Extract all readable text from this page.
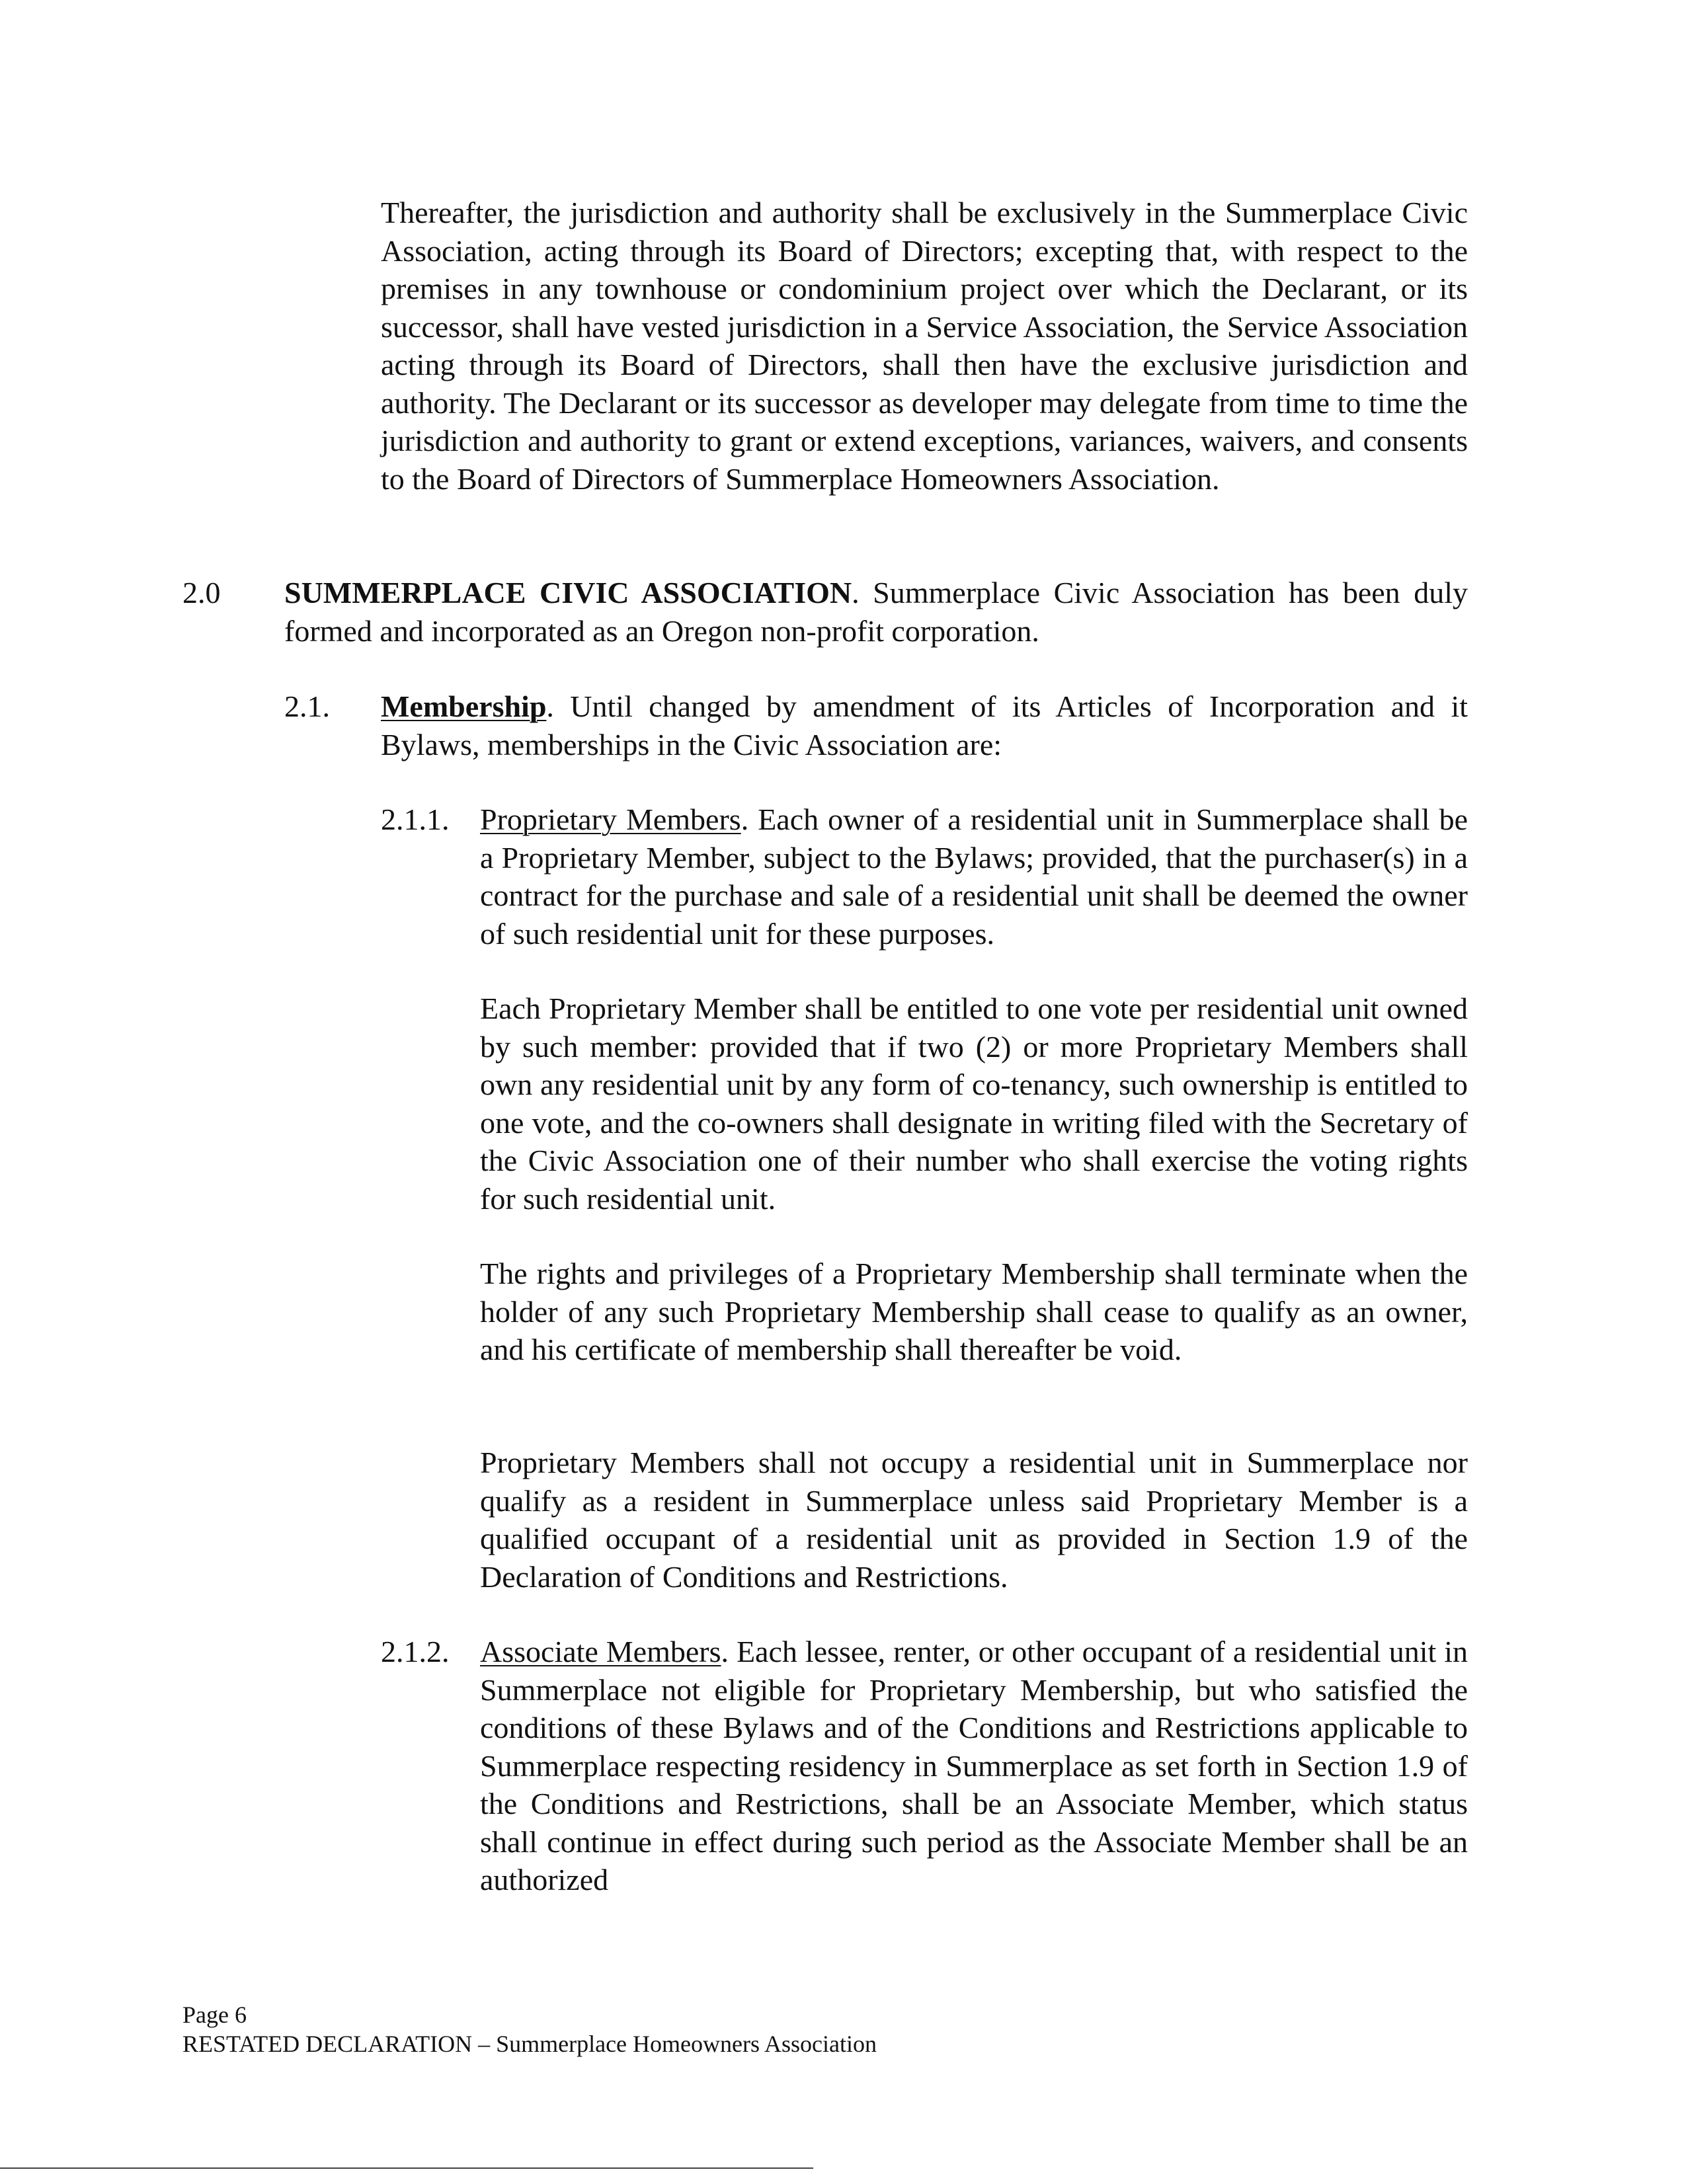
Thereafter, the jurisdiction and authority shall be exclusively in the Summerplace Civic Association, acting through its Board of Directors; excepting that, with respect to the premises in any townhouse or condominium project over which the Declarant, or its successor, shall have vested jurisdiction in a Service Association, the Service Association acting through its Board of Directors, shall then have the exclusive jurisdiction and authority. The Declarant or its successor as developer may delegate from time to time the jurisdiction and authority to grant or extend exceptions, variances, waivers, and consents to the Board of Directors of Summerplace Homeowners Association.

2.0 SUMMERPLACE CIVIC ASSOCIATION. Summerplace Civic Association has been duly formed and incorporated as an Oregon non-profit corporation.

2.1. Membership. Until changed by amendment of its Articles of Incorporation and it Bylaws, memberships in the Civic Association are:

2.1.1. Proprietary Members. Each owner of a residential unit in Summerplace shall be a Proprietary Member, subject to the Bylaws; provided, that the purchaser(s) in a contract for the purchase and sale of a residential unit shall be deemed the owner of such residential unit for these purposes.

Each Proprietary Member shall be entitled to one vote per residential unit owned by such member: provided that if two (2) or more Proprietary Members shall own any residential unit by any form of co-tenancy, such ownership is entitled to one vote, and the co-owners shall designate in writing filed with the Secretary of the Civic Association one of their number who shall exercise the voting rights for such residential unit.

The rights and privileges of a Proprietary Membership shall terminate when the holder of any such Proprietary Membership shall cease to qualify as an owner, and his certificate of membership shall thereafter be void.

Proprietary Members shall not occupy a residential unit in Summerplace nor qualify as a resident in Summerplace unless said Proprietary Member is a qualified occupant of a residential unit as provided in Section 1.9 of the Declaration of Conditions and Restrictions.

2.1.2. Associate Members. Each lessee, renter, or other occupant of a residential unit in Summerplace not eligible for Proprietary Membership, but who satisfied the conditions of these Bylaws and of the Conditions and Restrictions applicable to Summerplace respecting residency in Summerplace as set forth in Section 1.9 of the Conditions and Restrictions, shall be an Associate Member, which status shall continue in effect during such period as the Associate Member shall be an authorized

Page 6

RESTATED DECLARATION – Summerplace Homeowners Association
